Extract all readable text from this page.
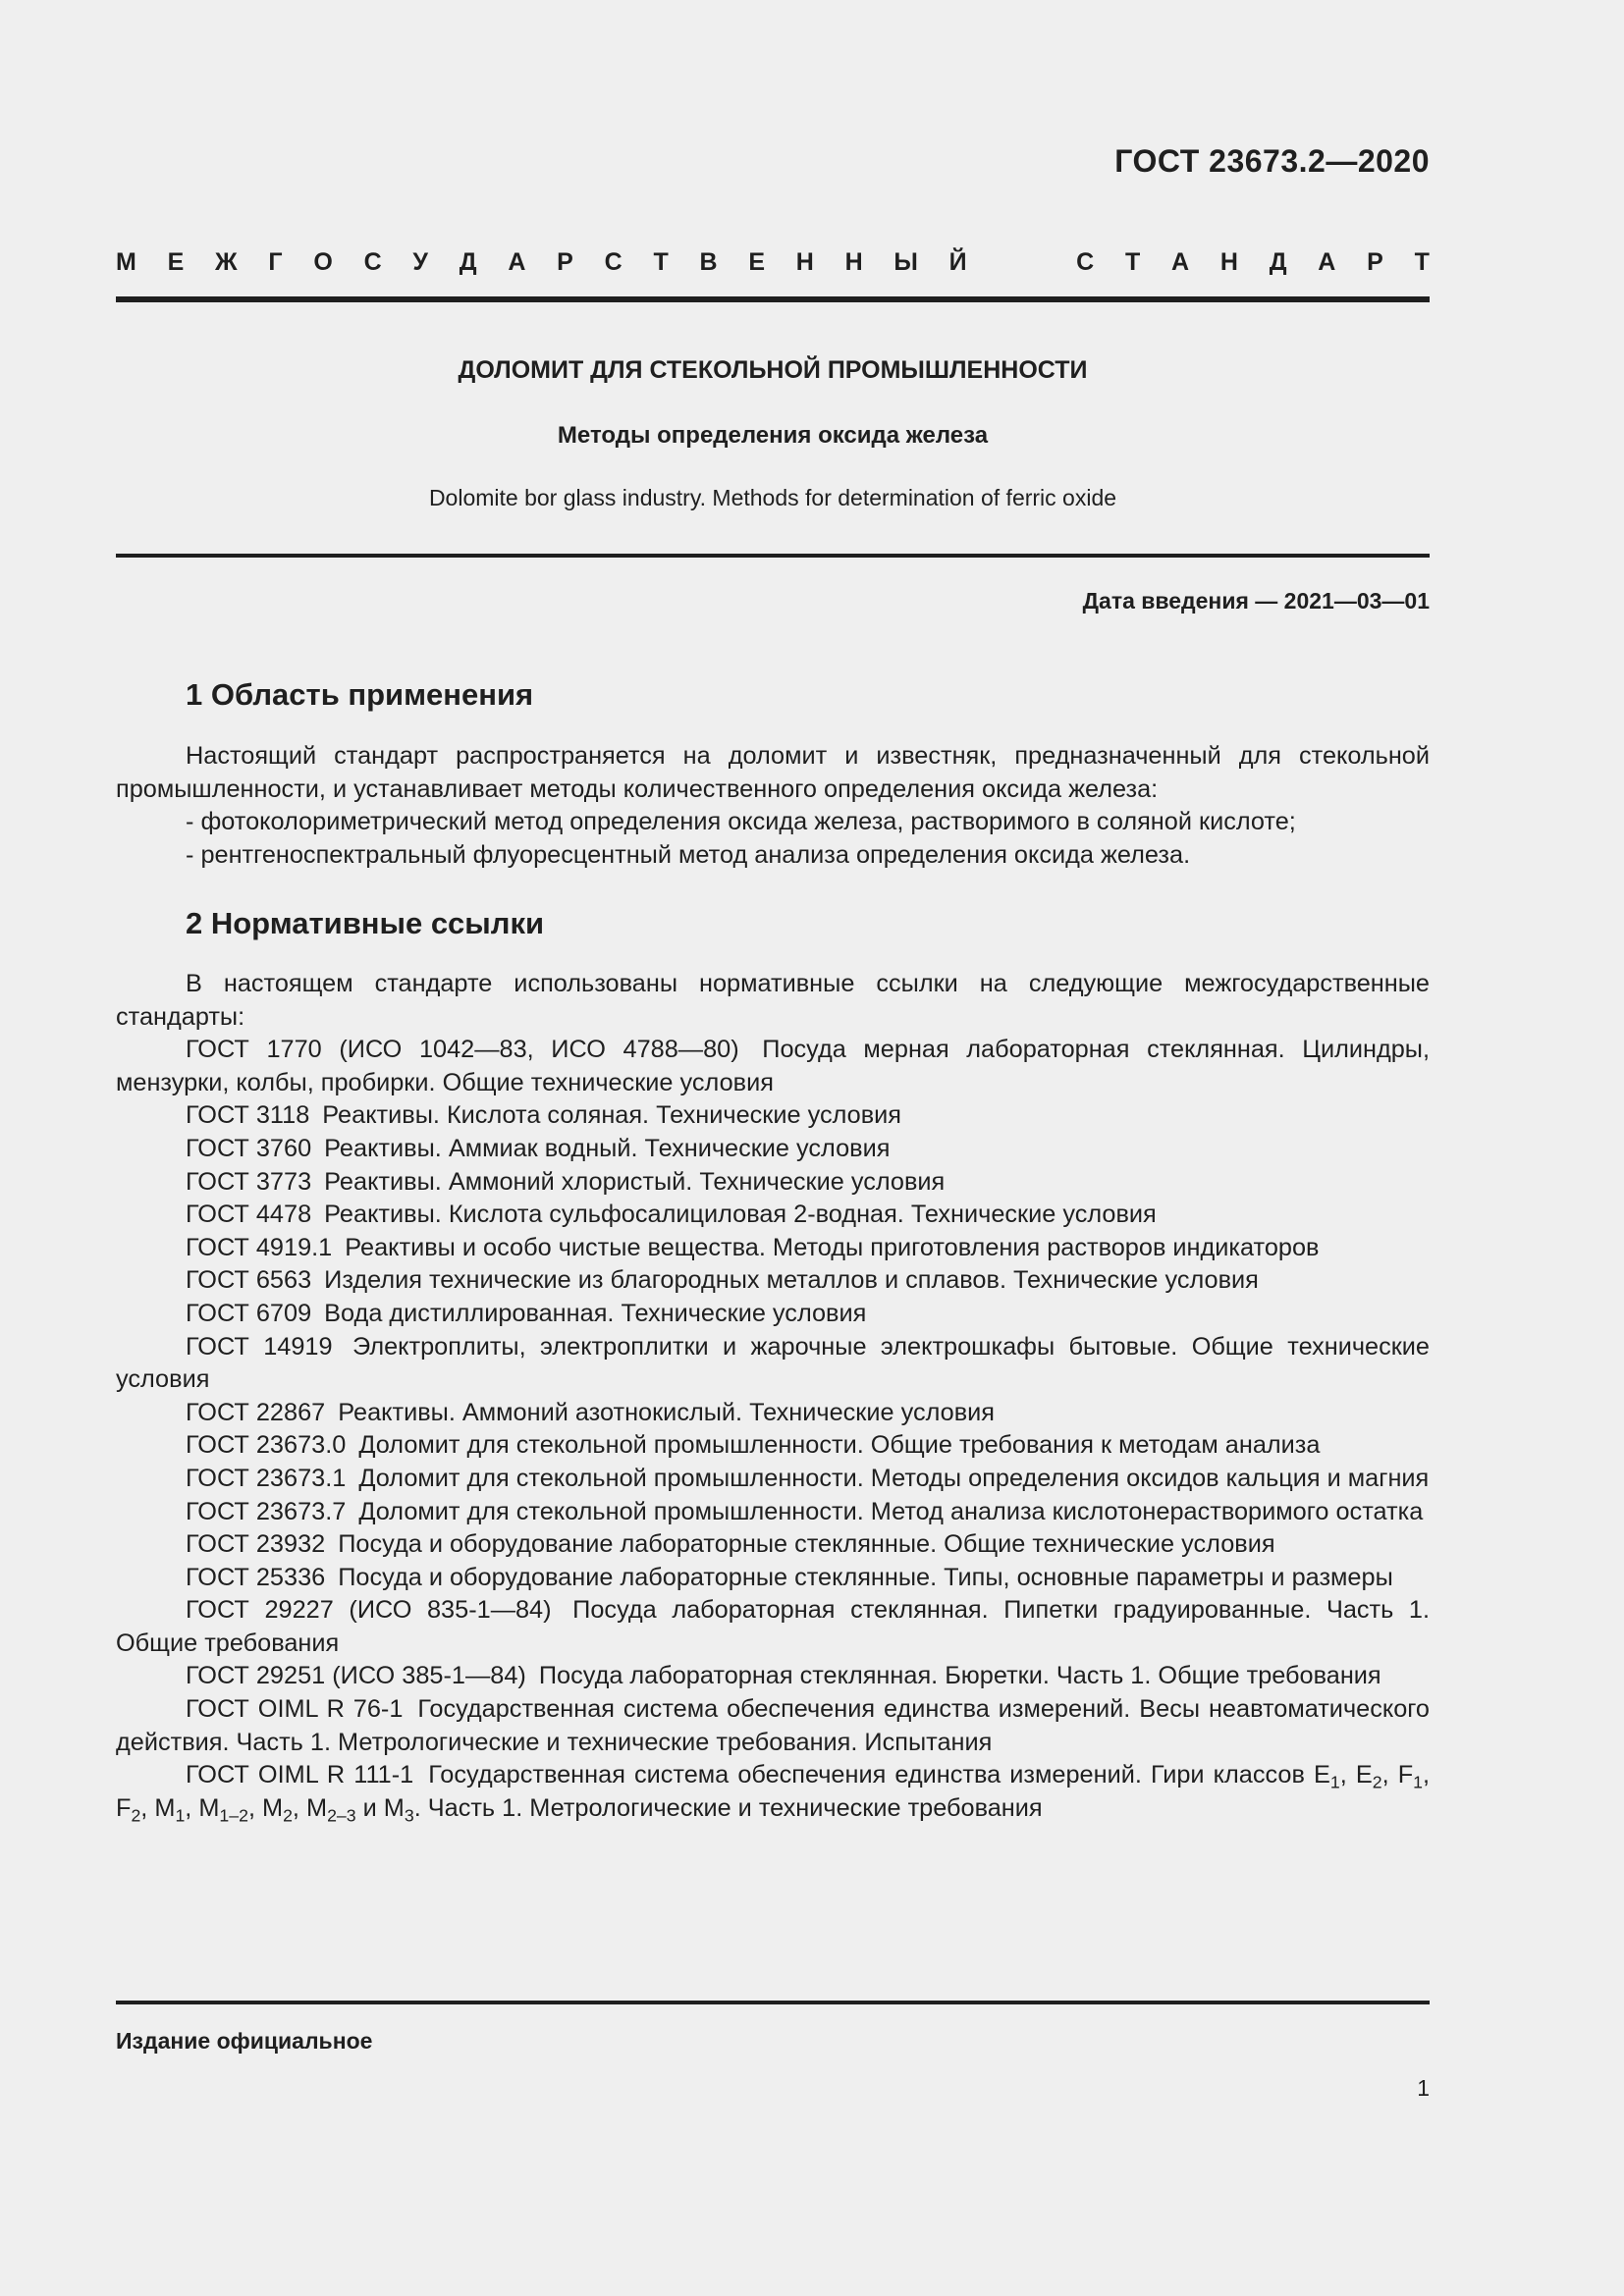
ГОСТ 23673.2—2020
М Е Ж Г О С У Д А Р С Т В Е Н Н Ы Й	С Т А Н Д А Р Т
ДОЛОМИТ ДЛЯ СТЕКОЛЬНОЙ ПРОМЫШЛЕННОСТИ
Методы определения оксида железа
Dolomite bor glass industry. Methods for determination of ferric oxide
Дата введения — 2021—03—01
1 Область применения

Настоящий стандарт распространяется на доломит и известняк, предназначенный для стекольной промышленности, и устанавливает методы количественного определения оксида железа:

- фотоколориметрический метод определения оксида железа, растворимого в соляной кислоте;

- рентгеноспектральный флуоресцентный метод анализа определения оксида железа.

2 Нормативные ссылки

В настоящем стандарте использованы нормативные ссылки на следующие межгосударственные стандарты:

ГОСТ 1770 (ИСО 1042—83, ИСО 4788—80) Посуда мерная лабораторная стеклянная. Цилиндры, мензурки, колбы, пробирки. Общие технические условия

ГОСТ 3118 Реактивы. Кислота соляная. Технические условия

ГОСТ 3760 Реактивы. Аммиак водный. Технические условия

ГОСТ 3773 Реактивы. Аммоний хлористый. Технические условия

ГОСТ 4478 Реактивы. Кислота сульфосалициловая 2-водная. Технические условия

ГОСТ 4919.1 Реактивы и особо чистые вещества. Методы приготовления растворов индикаторов

ГОСТ 6563 Изделия технические из благородных металлов и сплавов. Технические условия

ГОСТ 6709 Вода дистиллированная. Технические условия

ГОСТ 14919 Электроплиты, электроплитки и жарочные электрошкафы бытовые. Общие технические условия

ГОСТ 22867 Реактивы. Аммоний азотнокислый. Технические условия

ГОСТ 23673.0 Доломит для стекольной промышленности. Общие требования к методам анализа

ГОСТ 23673.1 Доломит для стекольной промышленности. Методы определения оксидов кальция и магния

ГОСТ 23673.7 Доломит для стекольной промышленности. Метод анализа кислотонерастворимого остатка

ГОСТ 23932 Посуда и оборудование лабораторные стеклянные. Общие технические условия

ГОСТ 25336 Посуда и оборудование лабораторные стеклянные. Типы, основные параметры и размеры

ГОСТ 29227 (ИСО 835-1—84) Посуда лабораторная стеклянная. Пипетки градуированные. Часть 1. Общие требования

ГОСТ 29251 (ИСО 385-1—84) Посуда лабораторная стеклянная. Бюретки. Часть 1. Общие требования

ГОСТ OIML R 76-1 Государственная система обеспечения единства измерений. Весы неавтоматического действия. Часть 1. Метрологические и технические требования. Испытания

ГОСТ OIML R 111-1 Государственная система обеспечения единства измерений. Гири классов $E_1$, $E_2$, $F_1$, $F_2$, $M_1$, $M_{1-2}$, $M_2$, $M_{2-3}$ и $M_3$. Часть 1. Метрологические и технические требования

Издание официальное
1
